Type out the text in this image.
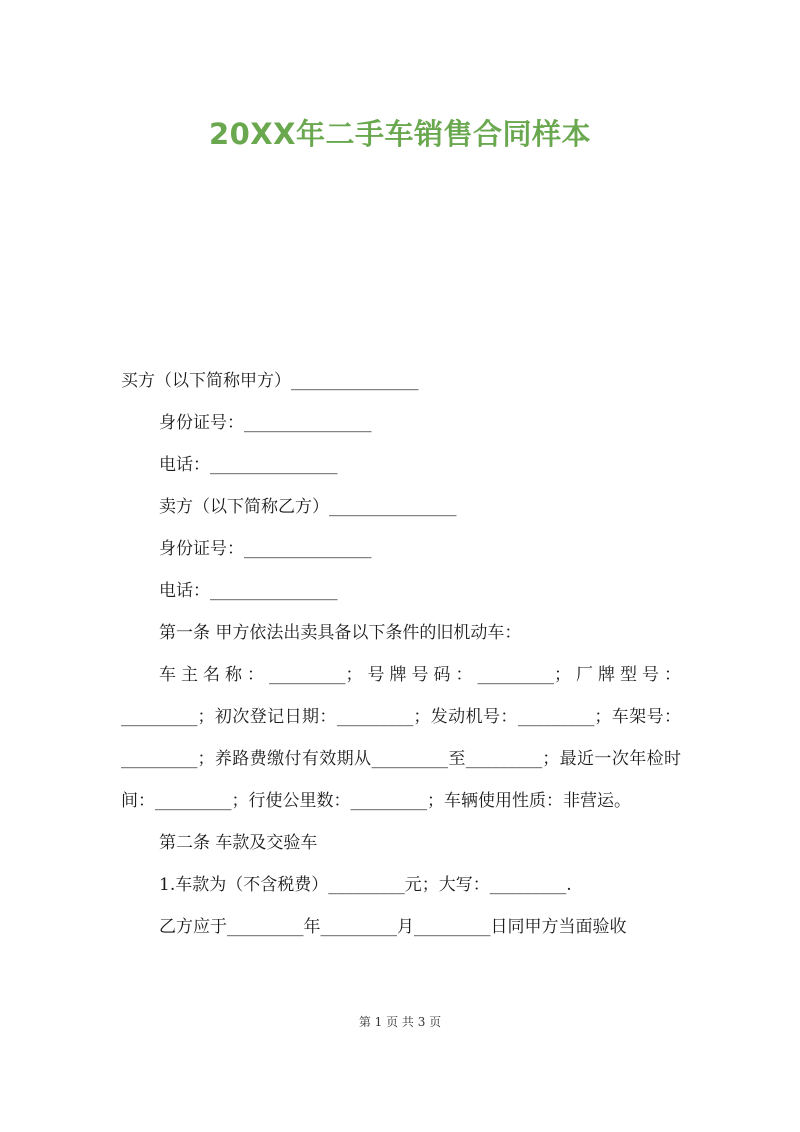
20XX年二手车销售合同样本
买方（以下简称甲方）_______________
身份证号：_______________
电话：_______________
卖方（以下简称乙方）_______________
身份证号：_______________
电话：_______________
第一条 甲方依法出卖具备以下条件的旧机动车：
车主名称：_________；号牌号码：_________；厂牌型号：_________；初次登记日期：_________；发动机号：_________；车架号：_________；养路费缴付有效期从_________至_________；最近一次年检时间：_________；行使公里数：_________；车辆使用性质：非营运。
第二条 车款及交验车
1.车款为（不含税费）_________元；大写：_________.
乙方应于_________年_________月_________日同甲方当面验收
第 1 页 共 3 页
